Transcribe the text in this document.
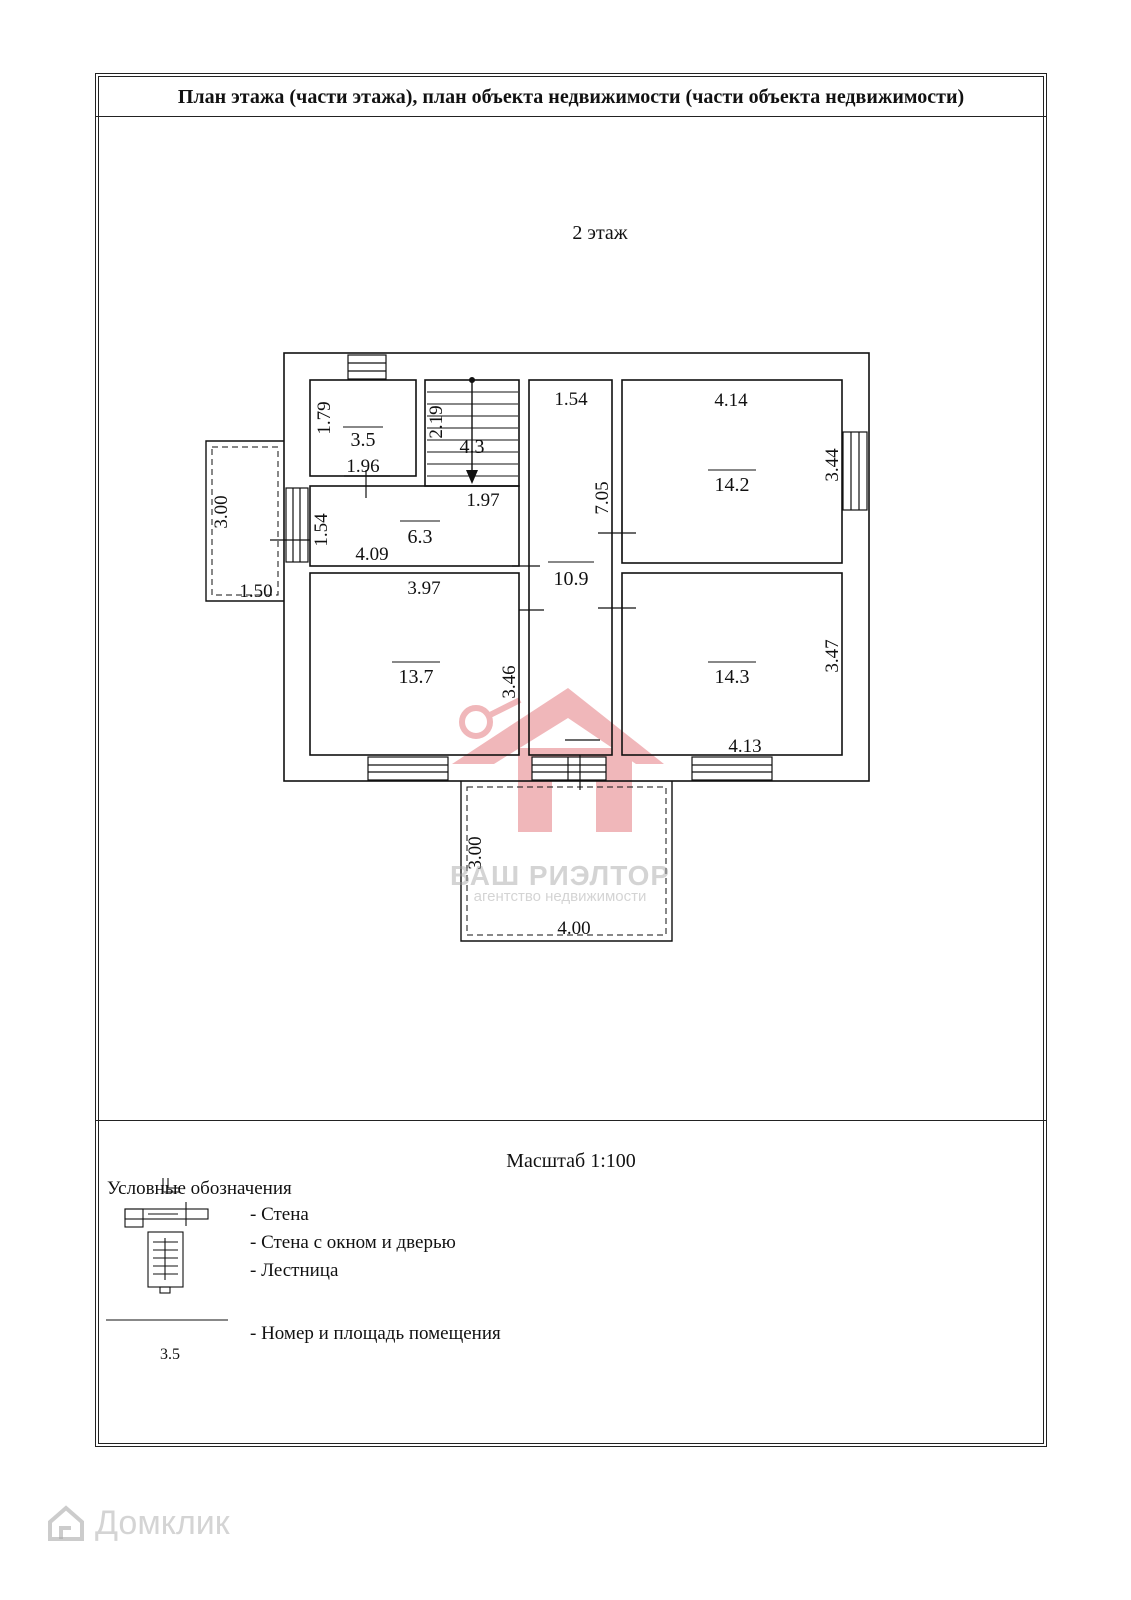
План этажа (части этажа), план объекта недвижимости (части объекта недвижимости)
2 этаж
3.5	4.3
6.3
10.9
14.2
13.7	14.3
1.79
1.96
2.19
1.97
1.54
4.09
1.54
7.05
4.14
3.44
3.00
1.50	3.97
3.46
3.47
4.13
3.00
4.00
ВАШ РИЭЛТОР
агентство недвижимости
Масштаб 1:100
Условные обозначения
- Стена
- Стена с окном и дверью
- Лестница
- Номер и площадь помещения
3.5
Домклик
